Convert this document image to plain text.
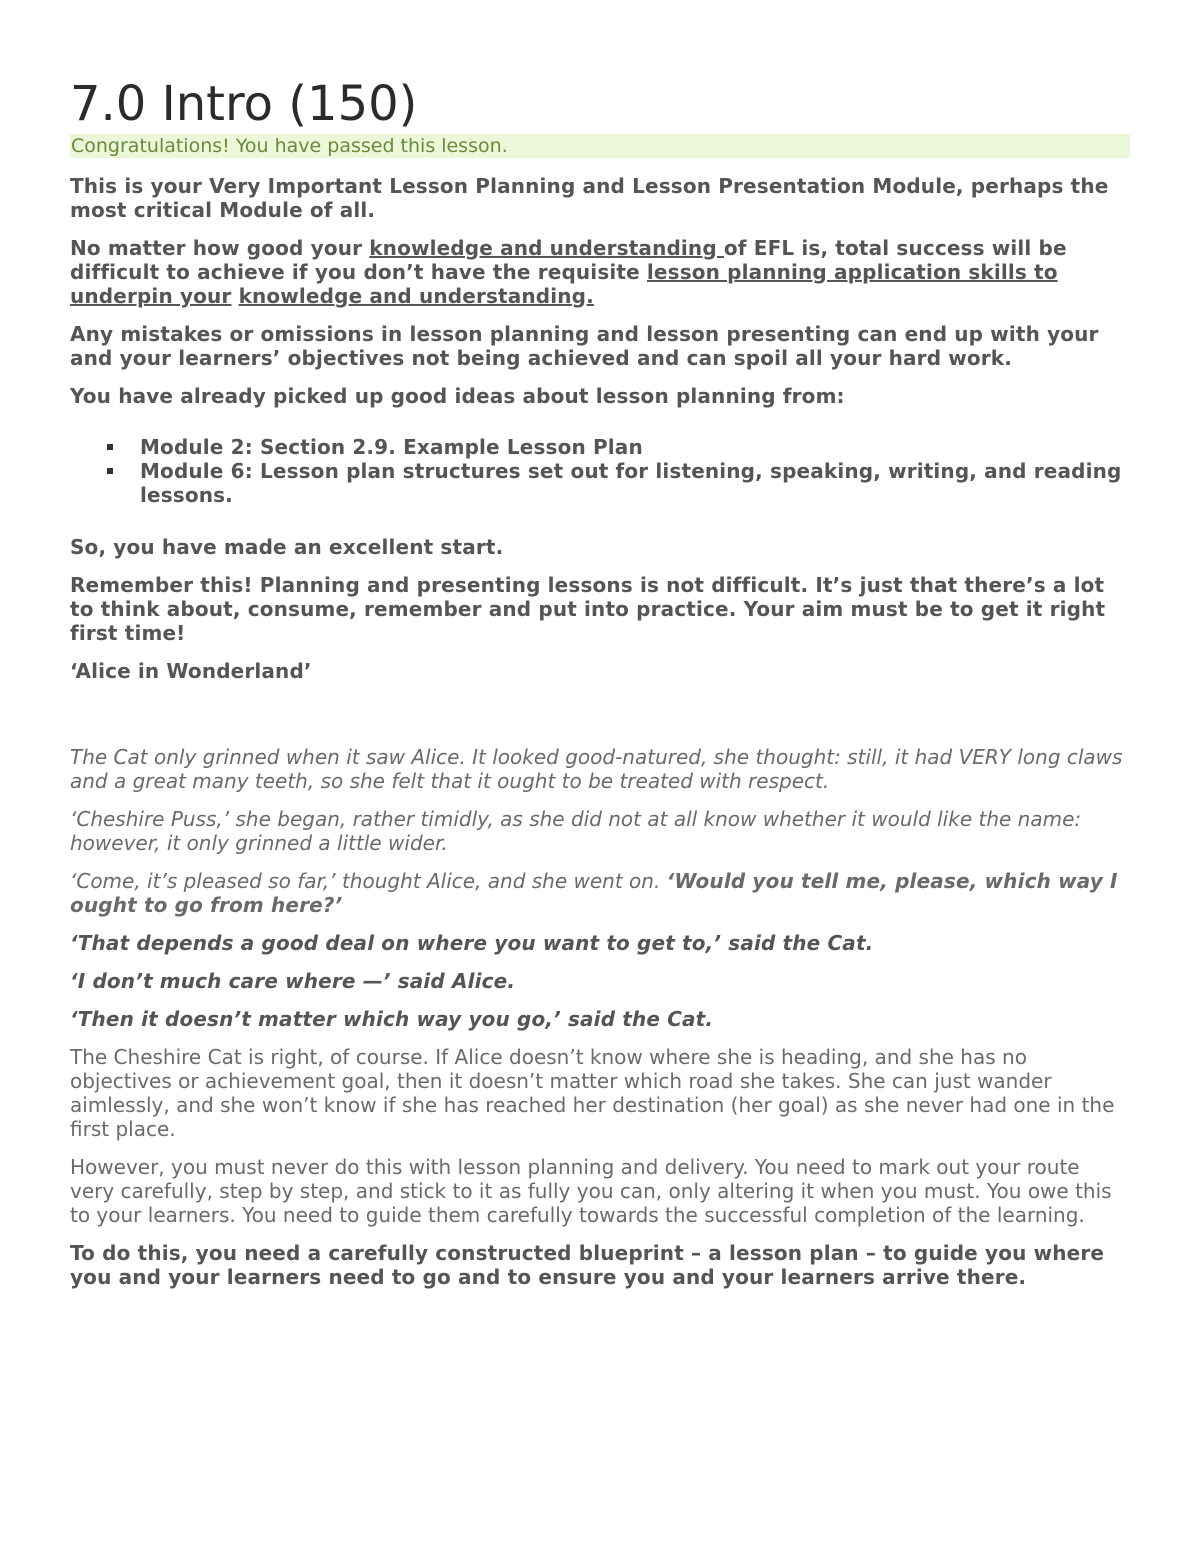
7.0 Intro (150)
Congratulations! You have passed this lesson.

This is your Very Important Lesson Planning and Lesson Presentation Module, perhaps the most critical Module of all.

No matter how good your knowledge and understanding of EFL is, total success will be difficult to achieve if you don’t have the requisite lesson planning application skills to underpin your knowledge and understanding.

Any mistakes or omissions in lesson planning and lesson presenting can end up with your and your learners’ objectives not being achieved and can spoil all your hard work.

You have already picked up good ideas about lesson planning from:

Module 2: Section 2.9. Example Lesson Plan
Module 6: Lesson plan structures set out for listening, speaking, writing, and reading lessons.

So, you have made an excellent start.

Remember this! Planning and presenting lessons is not difficult. It’s just that there’s a lot to think about, consume, remember and put into practice. Your aim must be to get it right first time!

‘Alice in Wonderland’

The Cat only grinned when it saw Alice. It looked good-natured, she thought: still, it had VERY long claws and a great many teeth, so she felt that it ought to be treated with respect.

‘Cheshire Puss,’ she began, rather timidly, as she did not at all know whether it would like the name: however, it only grinned a little wider.

‘Come, it’s pleased so far,’ thought Alice, and she went on. ‘Would you tell me, please, which way I ought to go from here?’

‘That depends a good deal on where you want to get to,’ said the Cat.

‘I don’t much care where —’ said Alice.

‘Then it doesn’t matter which way you go,’ said the Cat.

The Cheshire Cat is right, of course. If Alice doesn’t know where she is heading, and she has no objectives or achievement goal, then it doesn’t matter which road she takes. She can just wander aimlessly, and she won’t know if she has reached her destination (her goal) as she never had one in the first place.

However, you must never do this with lesson planning and delivery. You need to mark out your route very carefully, step by step, and stick to it as fully you can, only altering it when you must. You owe this to your learners. You need to guide them carefully towards the successful completion of the learning.

To do this, you need a carefully constructed blueprint – a lesson plan – to guide you where you and your learners need to go and to ensure you and your learners arrive there.
